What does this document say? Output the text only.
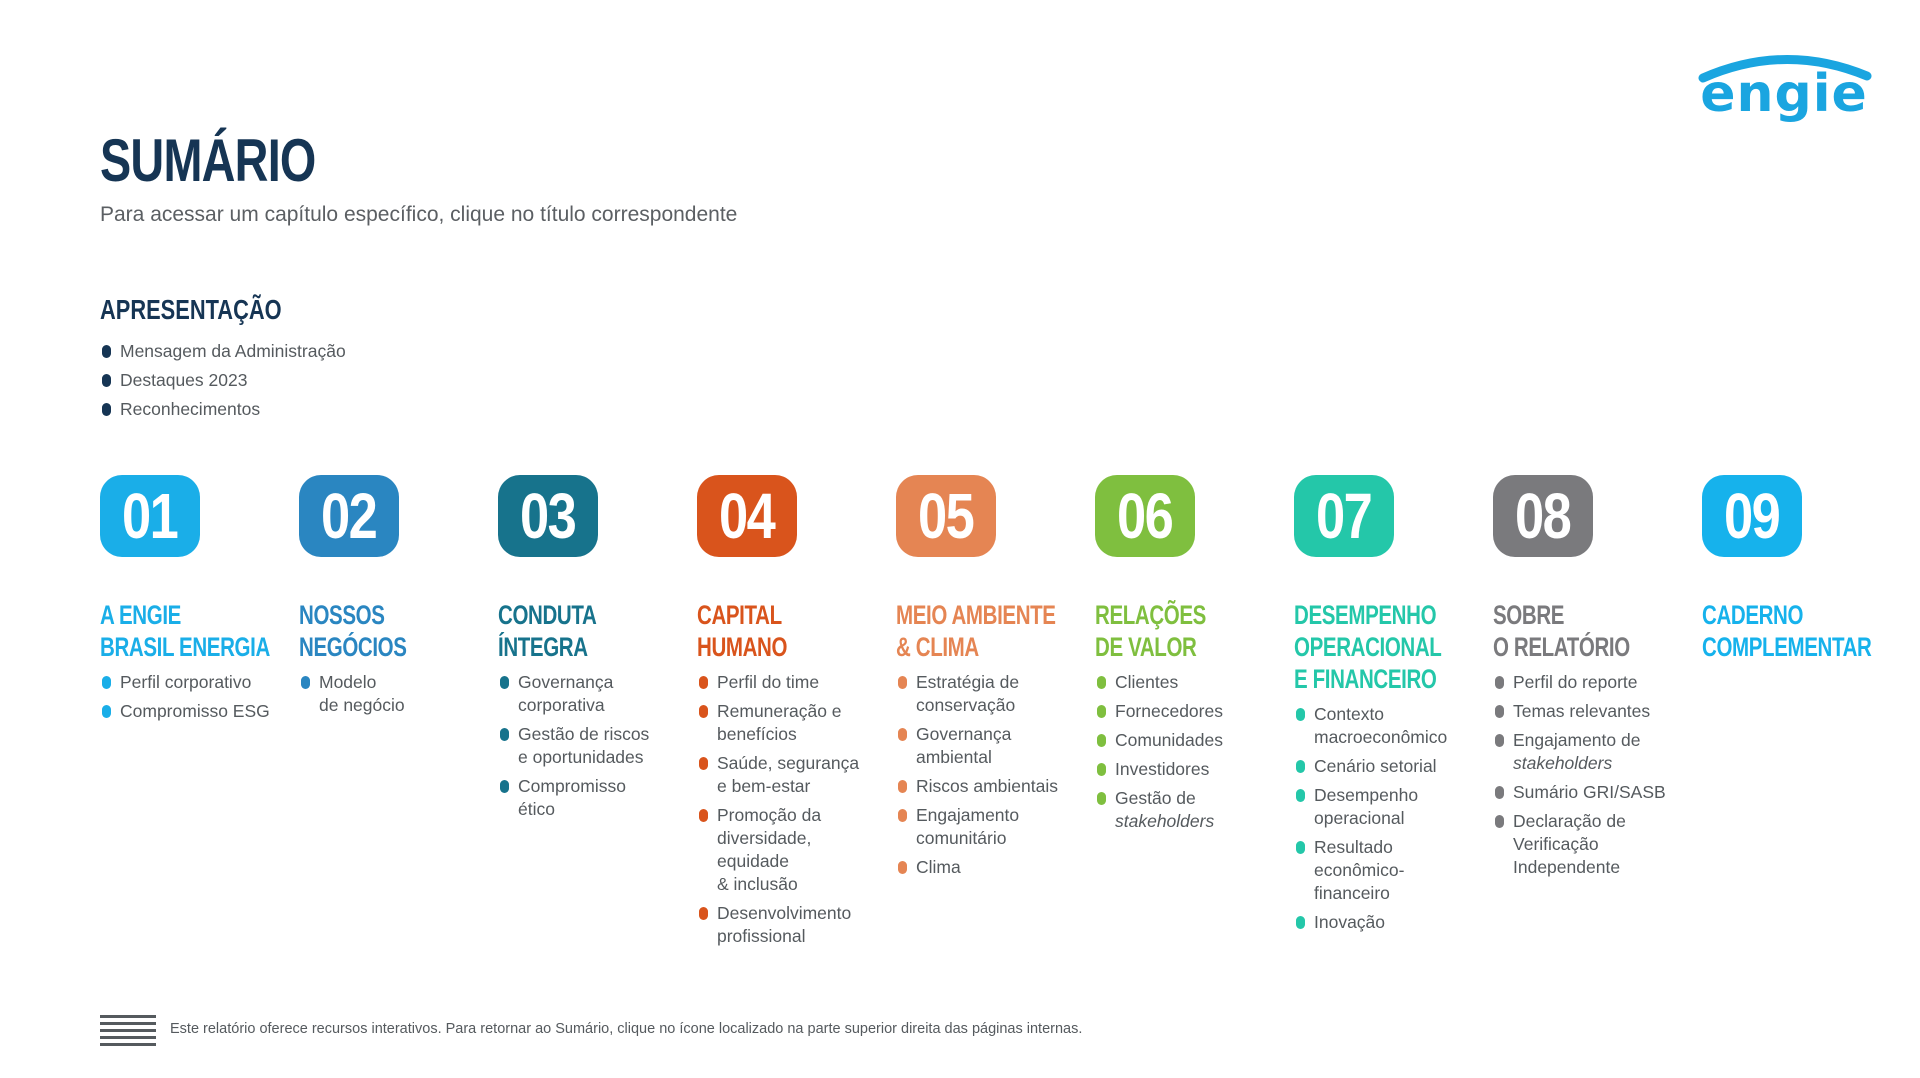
engie
SUMÁRIO
Para acessar um capítulo específico, clique no título correspondente
APRESENTAÇÃO
Mensagem da Administração
Destaques 2023
Reconhecimentos
01
A ENGIE
BRASIL ENERGIA
Perfil corporativo
Compromisso ESG
02
NOSSOS
NEGÓCIOS
Modelo
de negócio
03
CONDUTA
ÍNTEGRA
Governança
corporativa
Gestão de riscos
e oportunidades
Compromisso
ético
04
CAPITAL
HUMANO
Perfil do time
Remuneração e
benefícios
Saúde, segurança
e bem-estar
Promoção da
diversidade,
equidade
& inclusão
Desenvolvimento
profissional
05
MEIO AMBIENTE
& CLIMA
Estratégia de
conservação
Governança
ambiental
Riscos ambientais
Engajamento
comunitário
Clima
06
RELAÇÕES
DE VALOR
Clientes
Fornecedores
Comunidades
Investidores
Gestão de
stakeholders
07
DESEMPENHO
OPERACIONAL
E FINANCEIRO
Contexto
macroeconômico
Cenário setorial
Desempenho
operacional
Resultado
econômico-
financeiro
Inovação
08
SOBRE
O RELATÓRIO
Perfil do reporte
Temas relevantes
Engajamento de
stakeholders
Sumário GRI/SASB
Declaração de
Verificação
Independente
09
CADERNO
COMPLEMENTAR
Este relatório oferece recursos interativos. Para retornar ao Sumário, clique no ícone localizado na parte superior direita das páginas internas.
